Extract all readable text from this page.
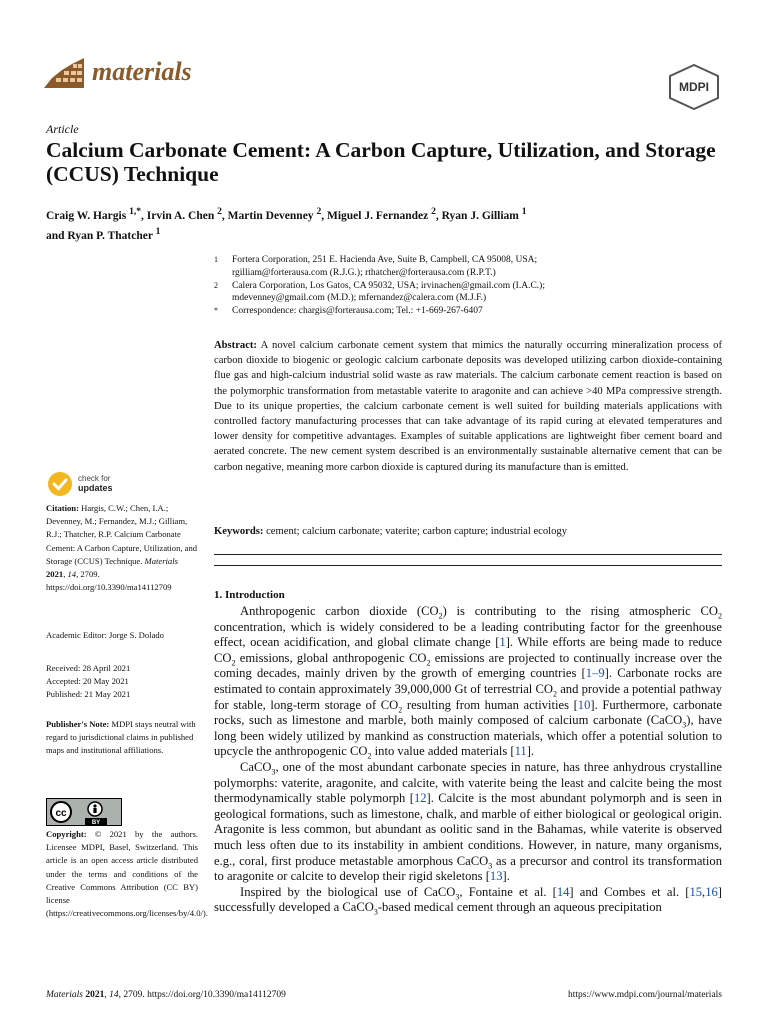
materials
MDPI
Article
Calcium Carbonate Cement: A Carbon Capture, Utilization, and Storage (CCUS) Technique
Craig W. Hargis $^{1,*}$, Irvin A. Chen $^2$, Martin Devenney $^2$, Miguel J. Fernandez $^2$, Ryan J. Gilliam $^1$
and Ryan P. Thatcher $^1$
1	Fortera Corporation, 251 E. Hacienda Ave, Suite B, Campbell, CA 95008, USA;
rgilliam@forterausa.com (R.J.G.); rthatcher@forterausa.com (R.P.T.)
2	Calera Corporation, Los Gatos, CA 95032, USA; irvinachen@gmail.com (I.A.C.);
mdevenney@gmail.com (M.D.); mfernandez@calera.com (M.J.F.)
*	Correspondence: chargis@forterausa.com; Tel.: +1-669-267-6407

Abstract: A novel calcium carbonate cement system that mimics the naturally occurring mineralization process of carbon dioxide to biogenic or geologic calcium carbonate deposits was developed utilizing carbon dioxide-containing flue gas and high-calcium industrial solid waste as raw materials. The calcium carbonate cement reaction is based on the polymorphic transformation from metastable vaterite to aragonite and can achieve >40 MPa compressive strength. Due to its unique properties, the calcium carbonate cement is well suited for building materials applications with controlled factory manufacturing processes that can take advantage of its rapid curing at elevated temperatures and lower density for competitive advantages. Examples of suitable applications are lightweight fiber cement board and aerated concrete. The new cement system described is an environmentally sustainable alternative cement that can be carbon negative, meaning more carbon dioxide is captured during its manufacture than is emitted.

Keywords: cement; calcium carbonate; vaterite; carbon capture; industrial ecology
check for
updates
Citation: Hargis, C.W.; Chen, I.A.; Devenney, M.; Fernandez, M.J.; Gilliam, R.J.; Thatcher, R.P. Calcium Carbonate Cement: A Carbon Capture, Utilization, and Storage (CCUS) Technique. Materials 2021, 14, 2709. https://doi.org/10.3390/ma14112709
Academic Editor: Jorge S. Dolado
Received: 28 April 2021
Accepted: 20 May 2021
Published: 21 May 2021
Publisher's Note: MDPI stays neutral with regard to jurisdictional claims in published maps and institutional affiliations.
cc
BY
Copyright: © 2021 by the authors. Licensee MDPI, Basel, Switzerland. This article is an open access article distributed under the terms and conditions of the Creative Commons Attribution (CC BY) license (https://creativecommons.org/licenses/by/4.0/).
1. Introduction

Anthropogenic carbon dioxide $(CO_2)$ is contributing to the rising atmospheric $CO_2$ concentration, which is widely considered to be a leading contributing factor for the greenhouse effect, ocean acidification, and global climate change [1]. While efforts are being made to reduce $CO_2$ emissions, global anthropogenic $CO_2$ emissions are projected to continually increase over the coming decades, mainly driven by the growth of emerging countries [1–9]. Carbonate rocks are estimated to contain approximately 39,000,000 Gt of terrestrial $CO_2$ and provide a potential pathway for stable, long-term storage of $CO_2$ resulting from human activities [10]. Furthermore, carbonate rocks, such as limestone and marble, both mainly composed of calcium carbonate (CaCO$_3$), have long been widely utilized by mankind as construction materials, which offer a potential solution to upcycle the anthropogenic $CO_2$ into value added materials [11].

CaCO$_3$, one of the most abundant carbonate species in nature, has three anhydrous crystalline polymorphs: vaterite, aragonite, and calcite, with vaterite being the least and calcite being the most thermodynamically stable polymorph [12]. Calcite is the most abundant polymorph and is seen in geological formations, such as limestone, chalk, and marble of either biological or geological origin. Aragonite is less common, but abundant as oolitic sand in the Bahamas, while vaterite is observed much less often due to its instability in ambient conditions. However, in nature, many organisms, e.g., coral, first produce metastable amorphous CaCO$_3$ as a precursor and control its transformation to aragonite or calcite to develop their rigid skeletons [13].

Inspired by the biological use of CaCO$_3$, Fontaine et al. [14] and Combes et al. [15,16] successfully developed a CaCO$_3$-based medical cement through an aqueous precipitation

Materials 2021, 14, 2709. https://doi.org/10.3390/ma14112709	https://www.mdpi.com/journal/materials
